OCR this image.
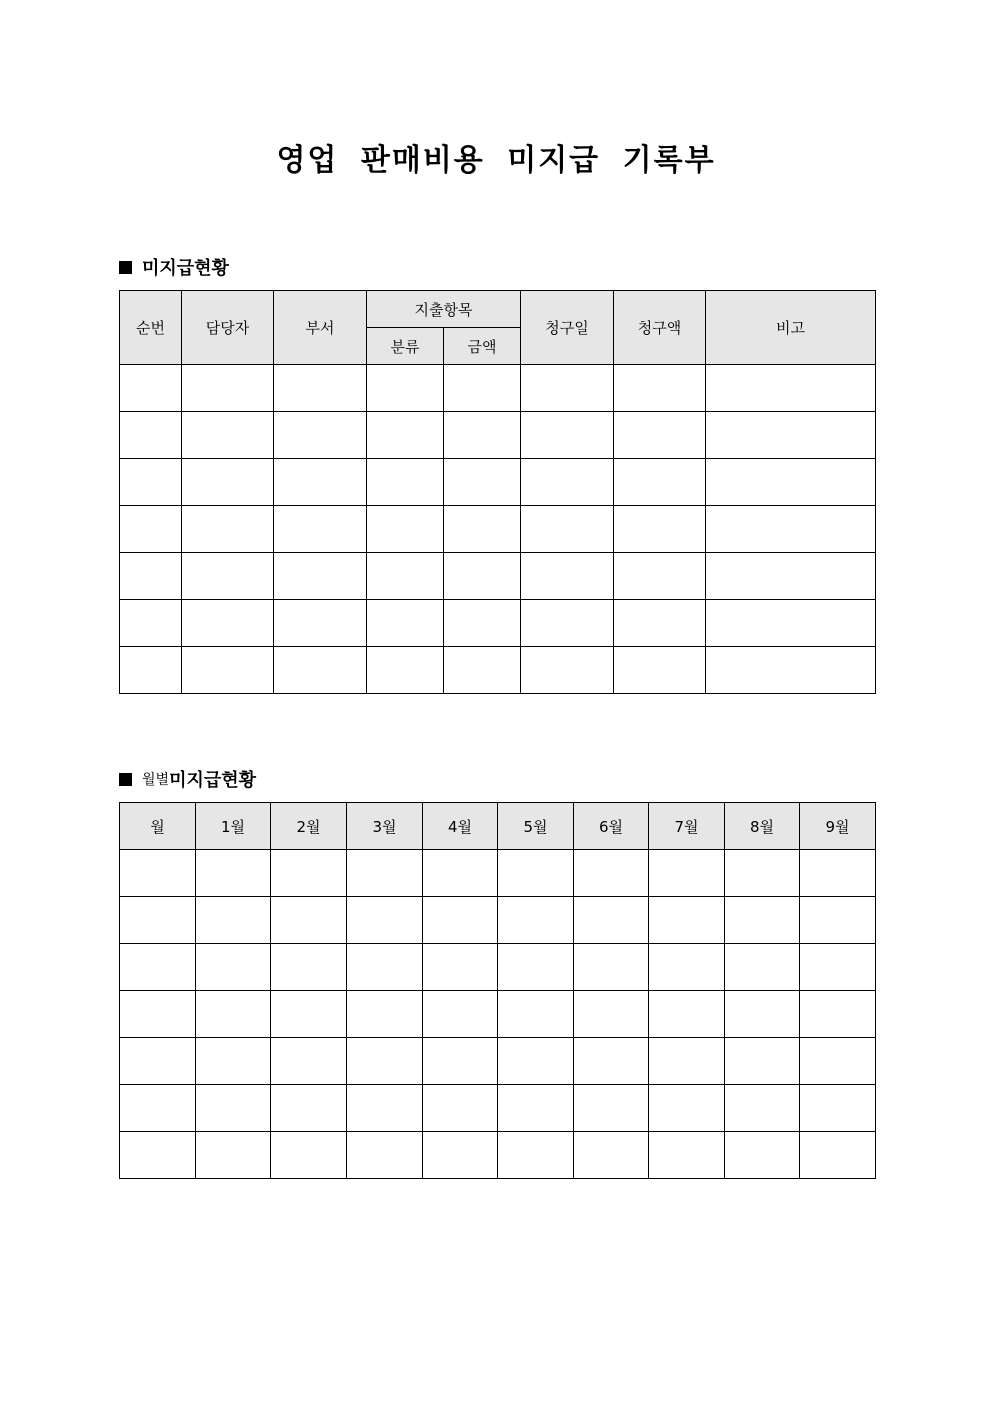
영업 판매비용 미지급 기록부
미지급현황
순번	담당자	부서	지출항목		청구일	청구액	비고
			분류	금액			

월별 미지급현황
월	1월	2월	3월	4월	5월	6월	7월	8월	9월
